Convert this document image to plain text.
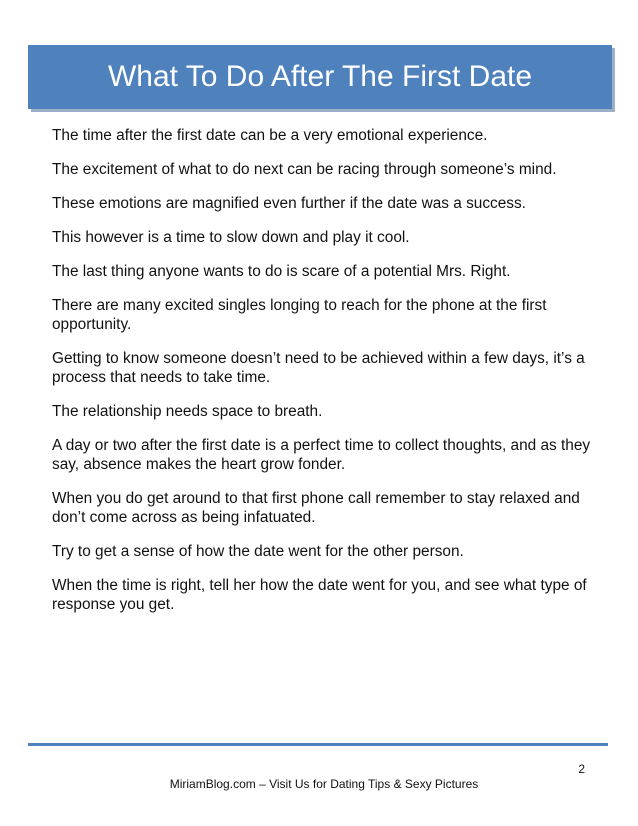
What To Do After The First Date

The time after the first date can be a very emotional experience.

The excitement of what to do next can be racing through someone’s mind.

These emotions are magnified even further if the date was a success.

This however is a time to slow down and play it cool.

The last thing anyone wants to do is scare of a potential Mrs. Right.

There are many excited singles longing to reach for the phone at the first opportunity.

Getting to know someone doesn’t need to be achieved within a few days, it’s a process that needs to take time.

The relationship needs space to breath.

A day or two after the first date is a perfect time to collect thoughts, and as they say, absence makes the heart grow fonder.

When you do get around to that first phone call remember to stay relaxed and don’t come across as being infatuated.

Try to get a sense of how the date went for the other person.

When the time is right, tell her how the date went for you, and see what type of response you get.

2
MiriamBlog.com – Visit Us for Dating Tips & Sexy Pictures
